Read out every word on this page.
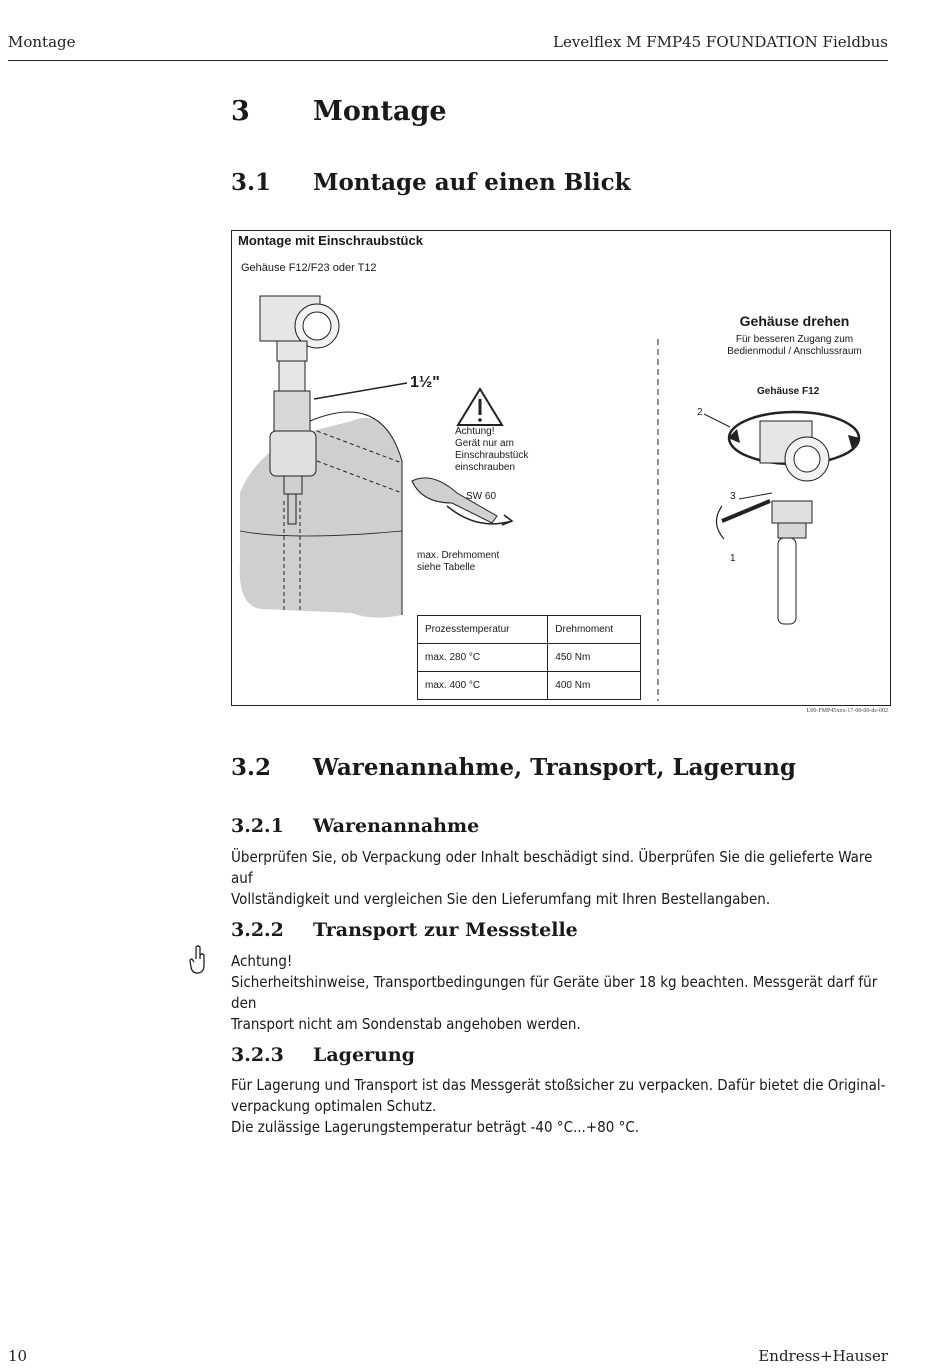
Montage	Levelflex M FMP45 FOUNDATION Fieldbus
3 Montage
3.1 Montage auf einen Blick
Montage mit Einschraubstück
Gehäuse F12/F23 oder T12
1½"
Achtung!
Gerät nur am
Einschraubstück
einschrauben
SW 60
max. Drehmoment
siehe Tabelle
Gehäuse drehen
Für besseren Zugang zum
Bedienmodul / Anschlussraum
Gehäuse F12
2
3
1
Prozesstemperatur	Drehmoment
max. 280 °C	450 Nm
max. 400 °C	400 Nm
L00-FMP45xxx-17-00-00-de-002
3.2 Warenannahme, Transport, Lagerung
3.2.1 Warenannahme
Überprüfen Sie, ob Verpackung oder Inhalt beschädigt sind. Überprüfen Sie die gelieferte Ware auf
Vollständigkeit und vergleichen Sie den Lieferumfang mit Ihren Bestellangaben.
3.2.2 Transport zur Messstelle
Achtung!
Sicherheitshinweise, Transportbedingungen für Geräte über 18 kg beachten. Messgerät darf für den
Transport nicht am Sondenstab angehoben werden.
3.2.3 Lagerung
Für Lagerung und Transport ist das Messgerät stoßsicher zu verpacken. Dafür bietet die Original-
verpackung optimalen Schutz.
Die zulässige Lagerungstemperatur beträgt -40 °C...+80 °C.
10	Endress+Hauser
